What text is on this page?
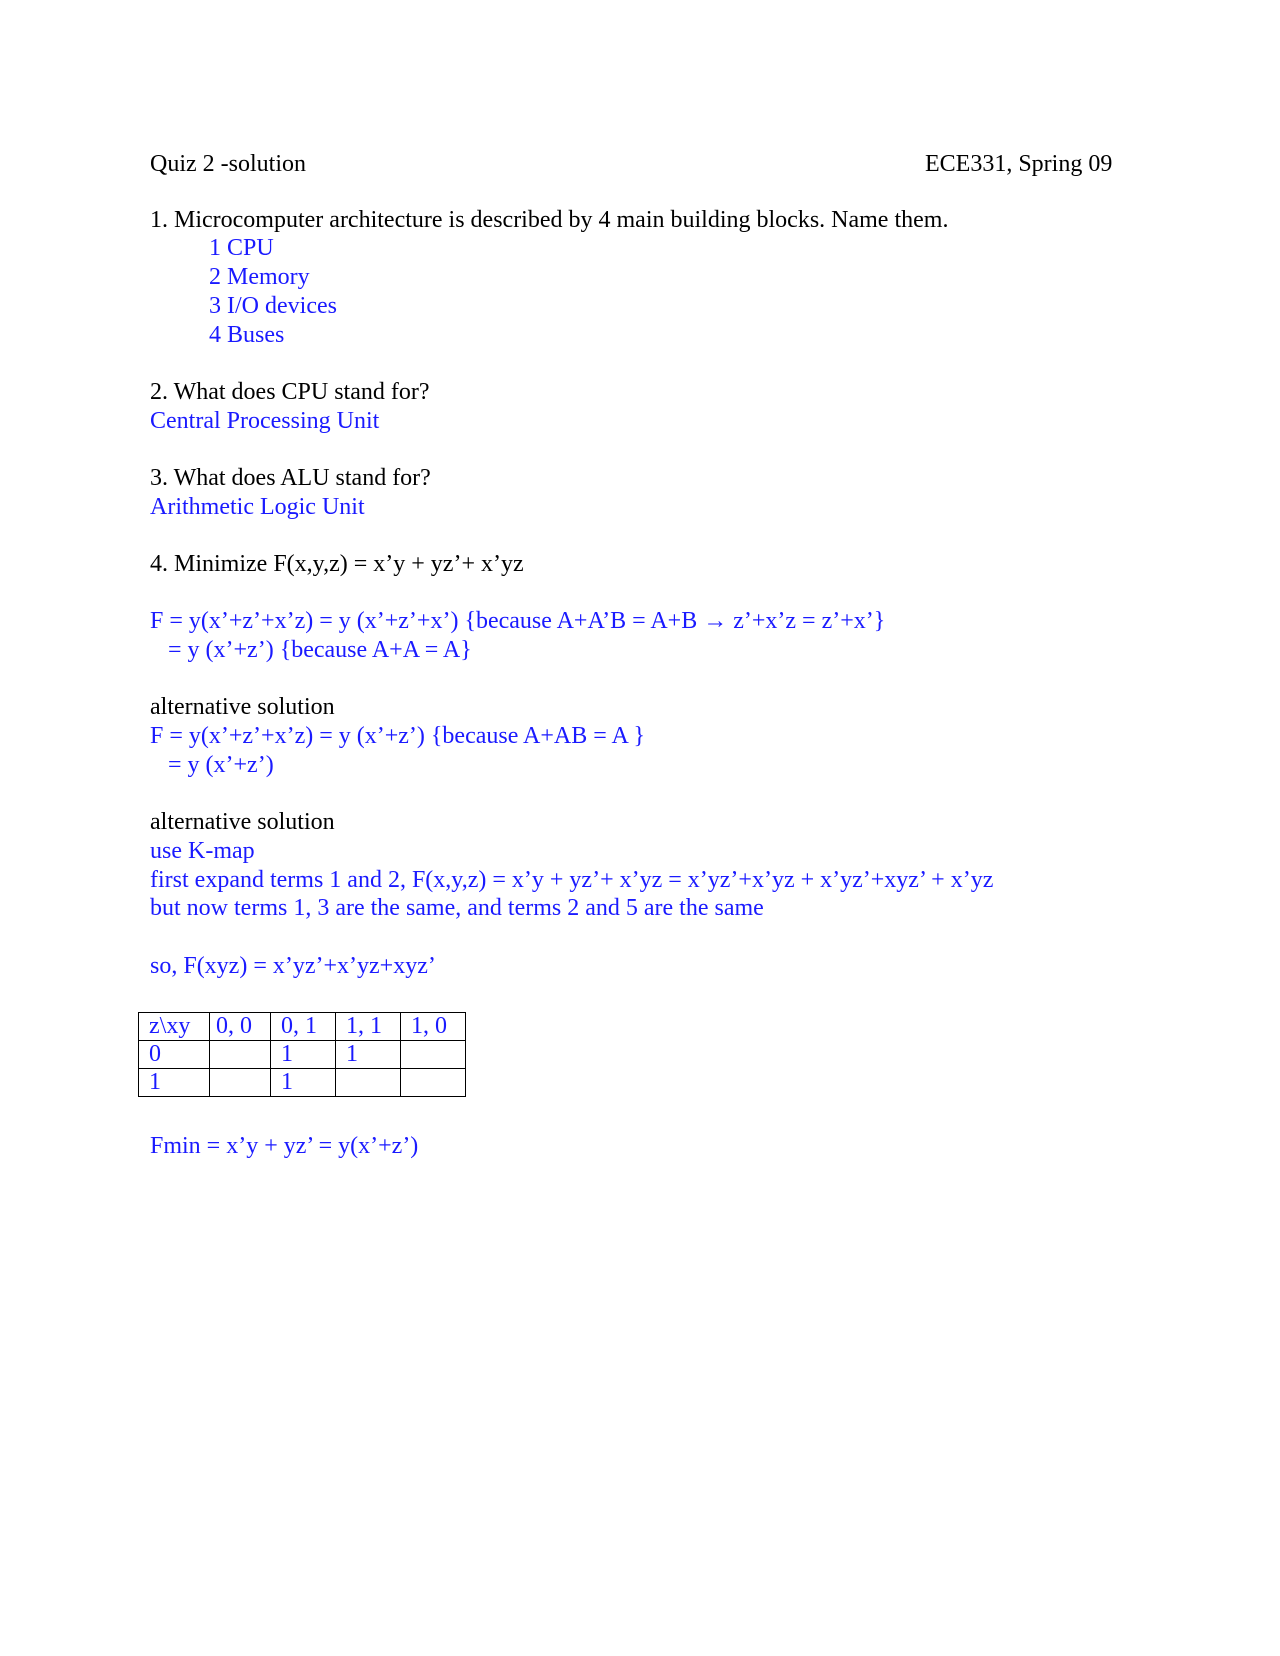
Quiz 2 -solution	ECE331, Spring 09
1. Microcomputer architecture is described by 4 main building blocks. Name them.
1 CPU
2 Memory
3 I/O devices
4 Buses
2. What does CPU stand for?
Central Processing Unit
3. What does ALU stand for?
Arithmetic Logic Unit
4. Minimize F(x,y,z) = x’y + yz’+ x’yz
F = y(x’+z’+x’z) = y (x’+z’+x’) {because A+A’B = A+B → z’+x’z = z’+x’}
= y (x’+z’) {because A+A = A}
alternative solution
F = y(x’+z’+x’z) = y (x’+z’) {because A+AB = A }
= y (x’+z’)
alternative solution
use K-map
first expand terms 1 and 2, F(x,y,z) = x’y + yz’+ x’yz = x’yz’+x’yz + x’yz’+xyz’ + x’yz
but now terms 1, 3 are the same, and terms 2 and 5 are the same
so, F(xyz) = x’yz’+x’yz+xyz’
z\xy	0, 0	0, 1	1, 1	1, 0
0		1	1	
1		1		
Fmin = x’y + yz’ = y(x’+z’)
